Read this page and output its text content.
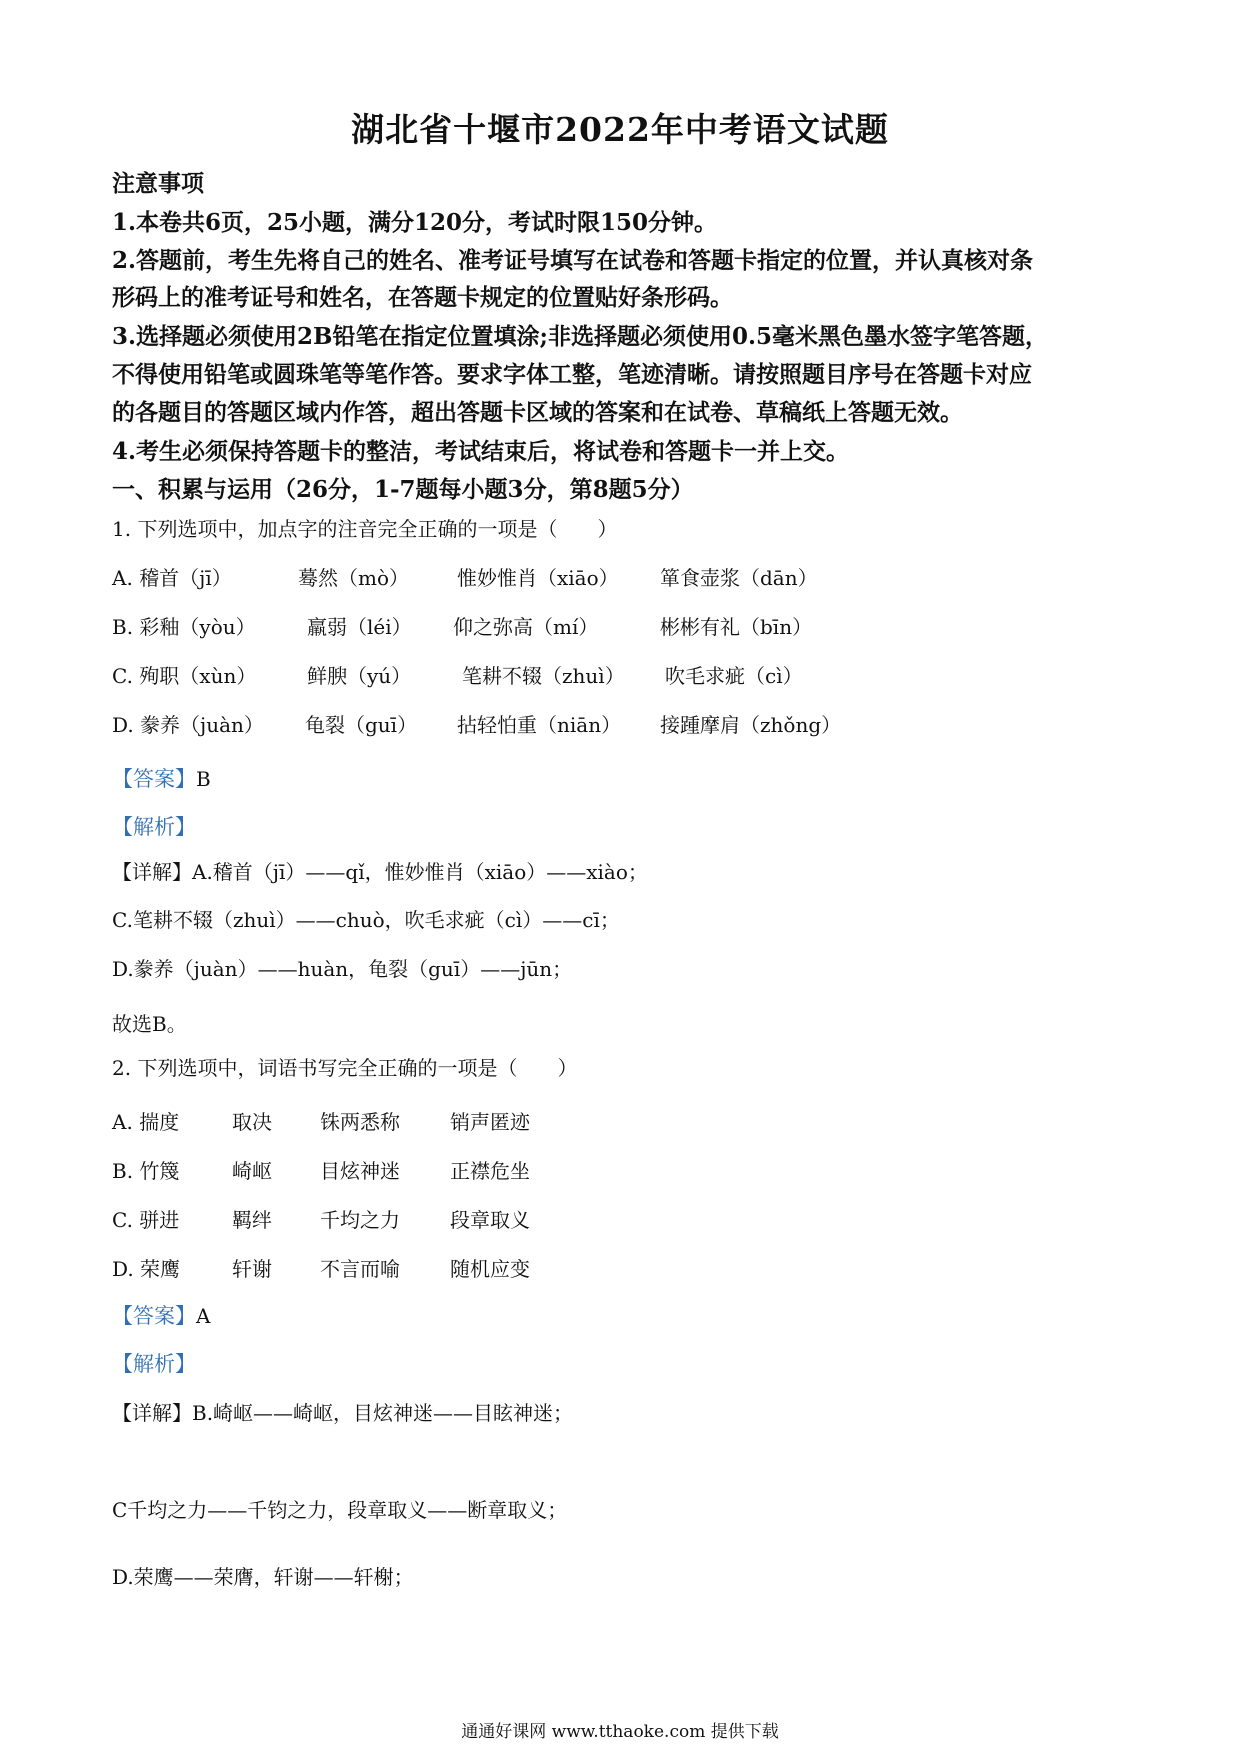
湖北省十堰市2022年中考语文试题
注意事项
1.本卷共6页，25小题，满分120分，考试时限150分钟。
2.答题前，考生先将自己的姓名、准考证号填写在试卷和答题卡指定的位置，并认真核对条
形码上的准考证号和姓名，在答题卡规定的位置贴好条形码。
3.选择题必须使用2B铅笔在指定位置填涂;非选择题必须使用0.5毫米黑色墨水签字笔答题，
不得使用铅笔或圆珠笔等笔作答。要求字体工整，笔迹清晰。请按照题目序号在答题卡对应
的各题目的答题区域内作答，超出答题卡区域的答案和在试卷、草稿纸上答题无效。
4.考生必须保持答题卡的整洁，考试结束后，将试卷和答题卡一并上交。
一、积累与运用（26分，1-7题每小题3分，第8题5分）
1. 下列选项中，加点字的注音完全正确的一项是（　　）
A. 稽首（jī）	蓦然（mò） 惟妙惟肖（xiāo） 箪食壶浆（dān）
B. 彩釉（yòu）	羸弱（léi） 仰之弥高（mí）	彬彬有礼（bīn）
C. 殉职（xùn）	鲜腴（yú）	笔耕不辍（zhuì） 吹毛求疵（cì）
D. 豢养（juàn） 龟裂（guī） 拈轻怕重（niān） 接踵摩肩（zhǒng）
【答案】B
【解析】
【详解】A.稽首（jī）——qǐ，惟妙惟肖（xiāo）——xiào；
C.笔耕不辍（zhuì）——chuò，吹毛求疵（cì）——cī；
D.豢养（juàn）——huàn，龟裂（guī）——jūn；
故选B。
2. 下列选项中，词语书写完全正确的一项是（　　）
A. 揣度	取决 铢两悉称	销声匿迹
B. 竹篾	崎岖 目炫神迷	正襟危坐
C. 骈进	羁绊 千均之力	段章取义
D. 荣鹰	轩谢 不言而喻	随机应变
【答案】A
【解析】
【详解】B.崎岖——崎岖，目炫神迷——目眩神迷；
C千均之力——千钧之力，段章取义——断章取义；
D.荣鹰——荣膺，轩谢——轩榭；
通通好课网 www.tthaoke.com 提供下载
